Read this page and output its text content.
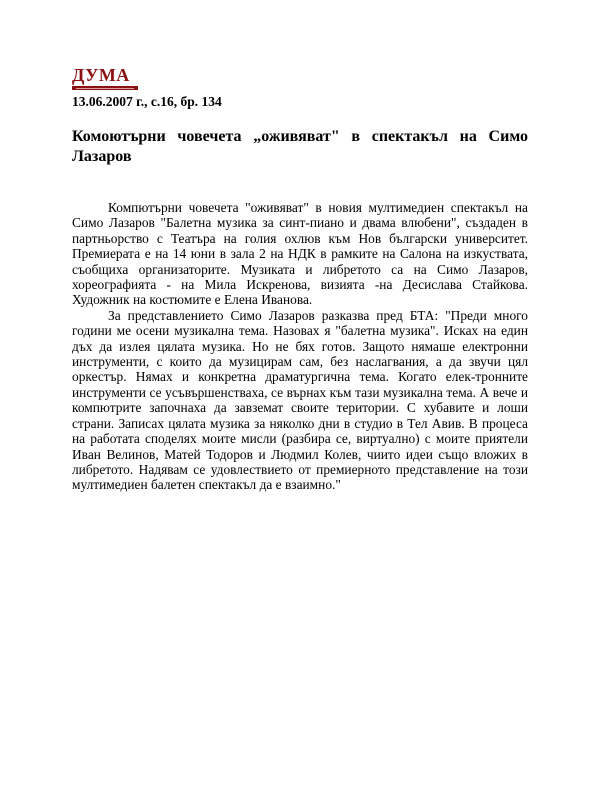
ДУМА

13.06.2007 г., с.16, бр. 134

Комоютърни човечета „оживяват" в спектакъл на Симо Лазаров

Компютърни човечета "оживяват" в новия мултимедиен спектакъл на Симо Лазаров "Балетна музика за синт-пиано и двама влюбени", създаден в партньорство с Театъра на голия охлюв към Нов български университет. Премиерата е на 14 юни в зала 2 на НДК в рамките на Салона на изкуствата, съобщиха организаторите. Музиката и либретото са на Симо Лазаров, хореографията - на Мила Искренова, визията -на Десислава Стайкова. Художник на костюмите е Елена Иванова.

За представлението Симо Лазаров разказва пред БТА: "Преди много години ме осени музикална тема. Назовах я "балетна музика". Исках на един дъх да излея цялата музика. Но не бях готов. Защото нямаше електронни инструменти, с които да музицирам сам, без наслагвания, а да звучи цял оркестър. Нямах и конкретна драматургична тема. Когато елек-тронните инструменти се усъвършенстваха, се върнах към тази музикална тема. А вече и компютрите започнаха да завземат своите територии. С хубавите и лоши страни. Записах цялата музика за няколко дни в студио в Тел Авив. В процеса на работата споделях моите мисли (разбира се, виртуално) с моите приятели Иван Велинов, Матей Тодоров и Людмил Колев, чиито идеи също вложих в либретото. Надявам се удовлествието от премиерното представление на този мултимедиен балетен спектакъл да е взаимно."
